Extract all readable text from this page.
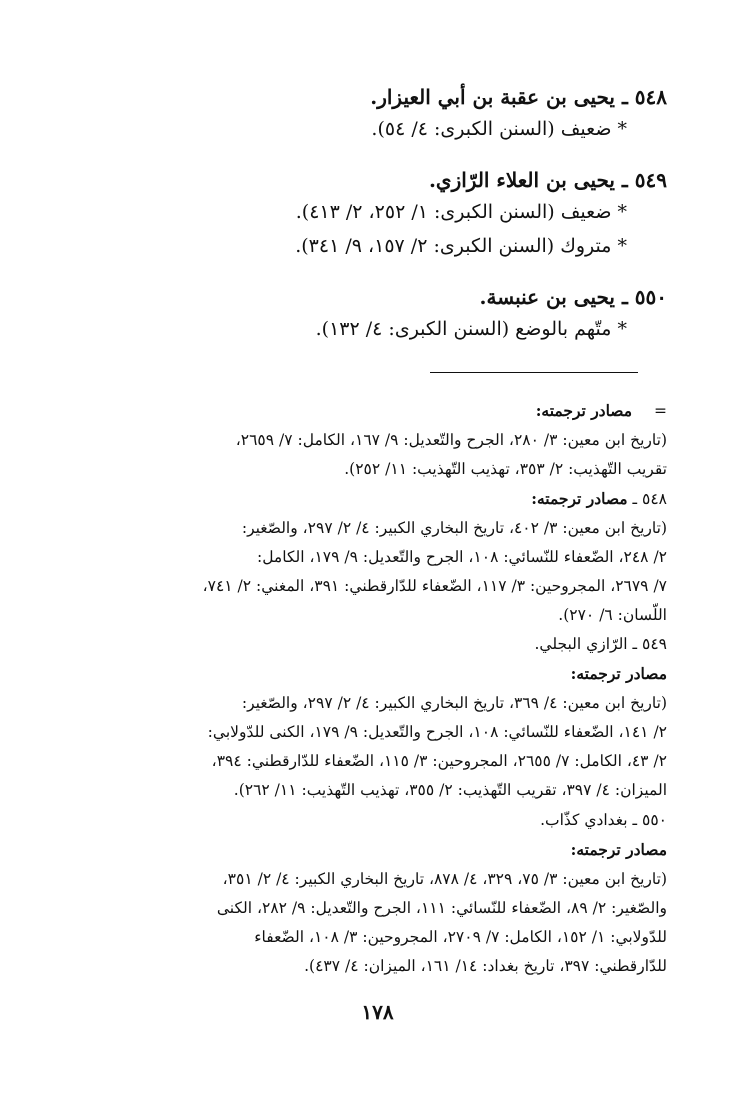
٥٤٨ ـ يحيى بن عقبة بن أبي العيزار.
* ضعيف (السنن الكبرى: ٤/ ٥٤).
٥٤٩ ـ يحيى بن العلاء الرّازي.
* ضعيف (السنن الكبرى: ١/ ٢٥٢، ٢/ ٤١٣).
* متروك (السنن الكبرى: ٢/ ١٥٧، ٩/ ٣٤١).
٥٥٠ ـ يحيى بن عنبسة.
* متّهم بالوضع (السنن الكبرى: ٤/ ١٣٢).
= مصادر ترجمته:
(تاريخ ابن معين: ٣/ ٢٨٠، الجرح والتّعديل: ٩/ ١٦٧، الكامل: ٧/ ٢٦٥٩،
تقريب التّهذيب: ٢/ ٣٥٣، تهذيب التّهذيب: ١١/ ٢٥٢).
٥٤٨ ـ مصادر ترجمته:
(تاريخ ابن معين: ٣/ ٤٠٢، تاريخ البخاري الكبير: ٤/ ٢/ ٢٩٧، والصّغير:
٢/ ٢٤٨، الضّعفاء للنّسائي: ١٠٨، الجرح والتّعديل: ٩/ ١٧٩، الكامل:
٧/ ٢٦٧٩، المجروحين: ٣/ ١١٧، الضّعفاء للدّارقطني: ٣٩١، المغني: ٢/ ٧٤١،
اللّسان: ٦/ ٢٧٠).
٥٤٩ ـ الرّازي البجلي.
مصادر ترجمته:
(تاريخ ابن معين: ٤/ ٣٦٩، تاريخ البخاري الكبير: ٤/ ٢/ ٢٩٧، والصّغير:
٢/ ١٤١، الضّعفاء للنّسائي: ١٠٨، الجرح والتّعديل: ٩/ ١٧٩، الكنى للدّولابي:
٢/ ٤٣، الكامل: ٧/ ٢٦٥٥، المجروحين: ٣/ ١١٥، الضّعفاء للدّارقطني: ٣٩٤،
الميزان: ٤/ ٣٩٧، تقريب التّهذيب: ٢/ ٣٥٥، تهذيب التّهذيب: ١١/ ٢٦٢).
٥٥٠ ـ بغدادي كذّاب.
مصادر ترجمته:
(تاريخ ابن معين: ٣/ ٧٥، ٣٢٩، ٤/ ٨٧٨، تاريخ البخاري الكبير: ٤/ ٢/ ٣٥١،
والصّغير: ٢/ ٨٩، الضّعفاء للنّسائي: ١١١، الجرح والتّعديل: ٩/ ٢٨٢، الكنى
للدّولابي: ١/ ١٥٢، الكامل: ٧/ ٢٧٠٩، المجروحين: ٣/ ١٠٨، الضّعفاء
للدّارقطني: ٣٩٧، تاريخ بغداد: ١٤/ ١٦١، الميزان: ٤/ ٤٣٧).
١٧٨
